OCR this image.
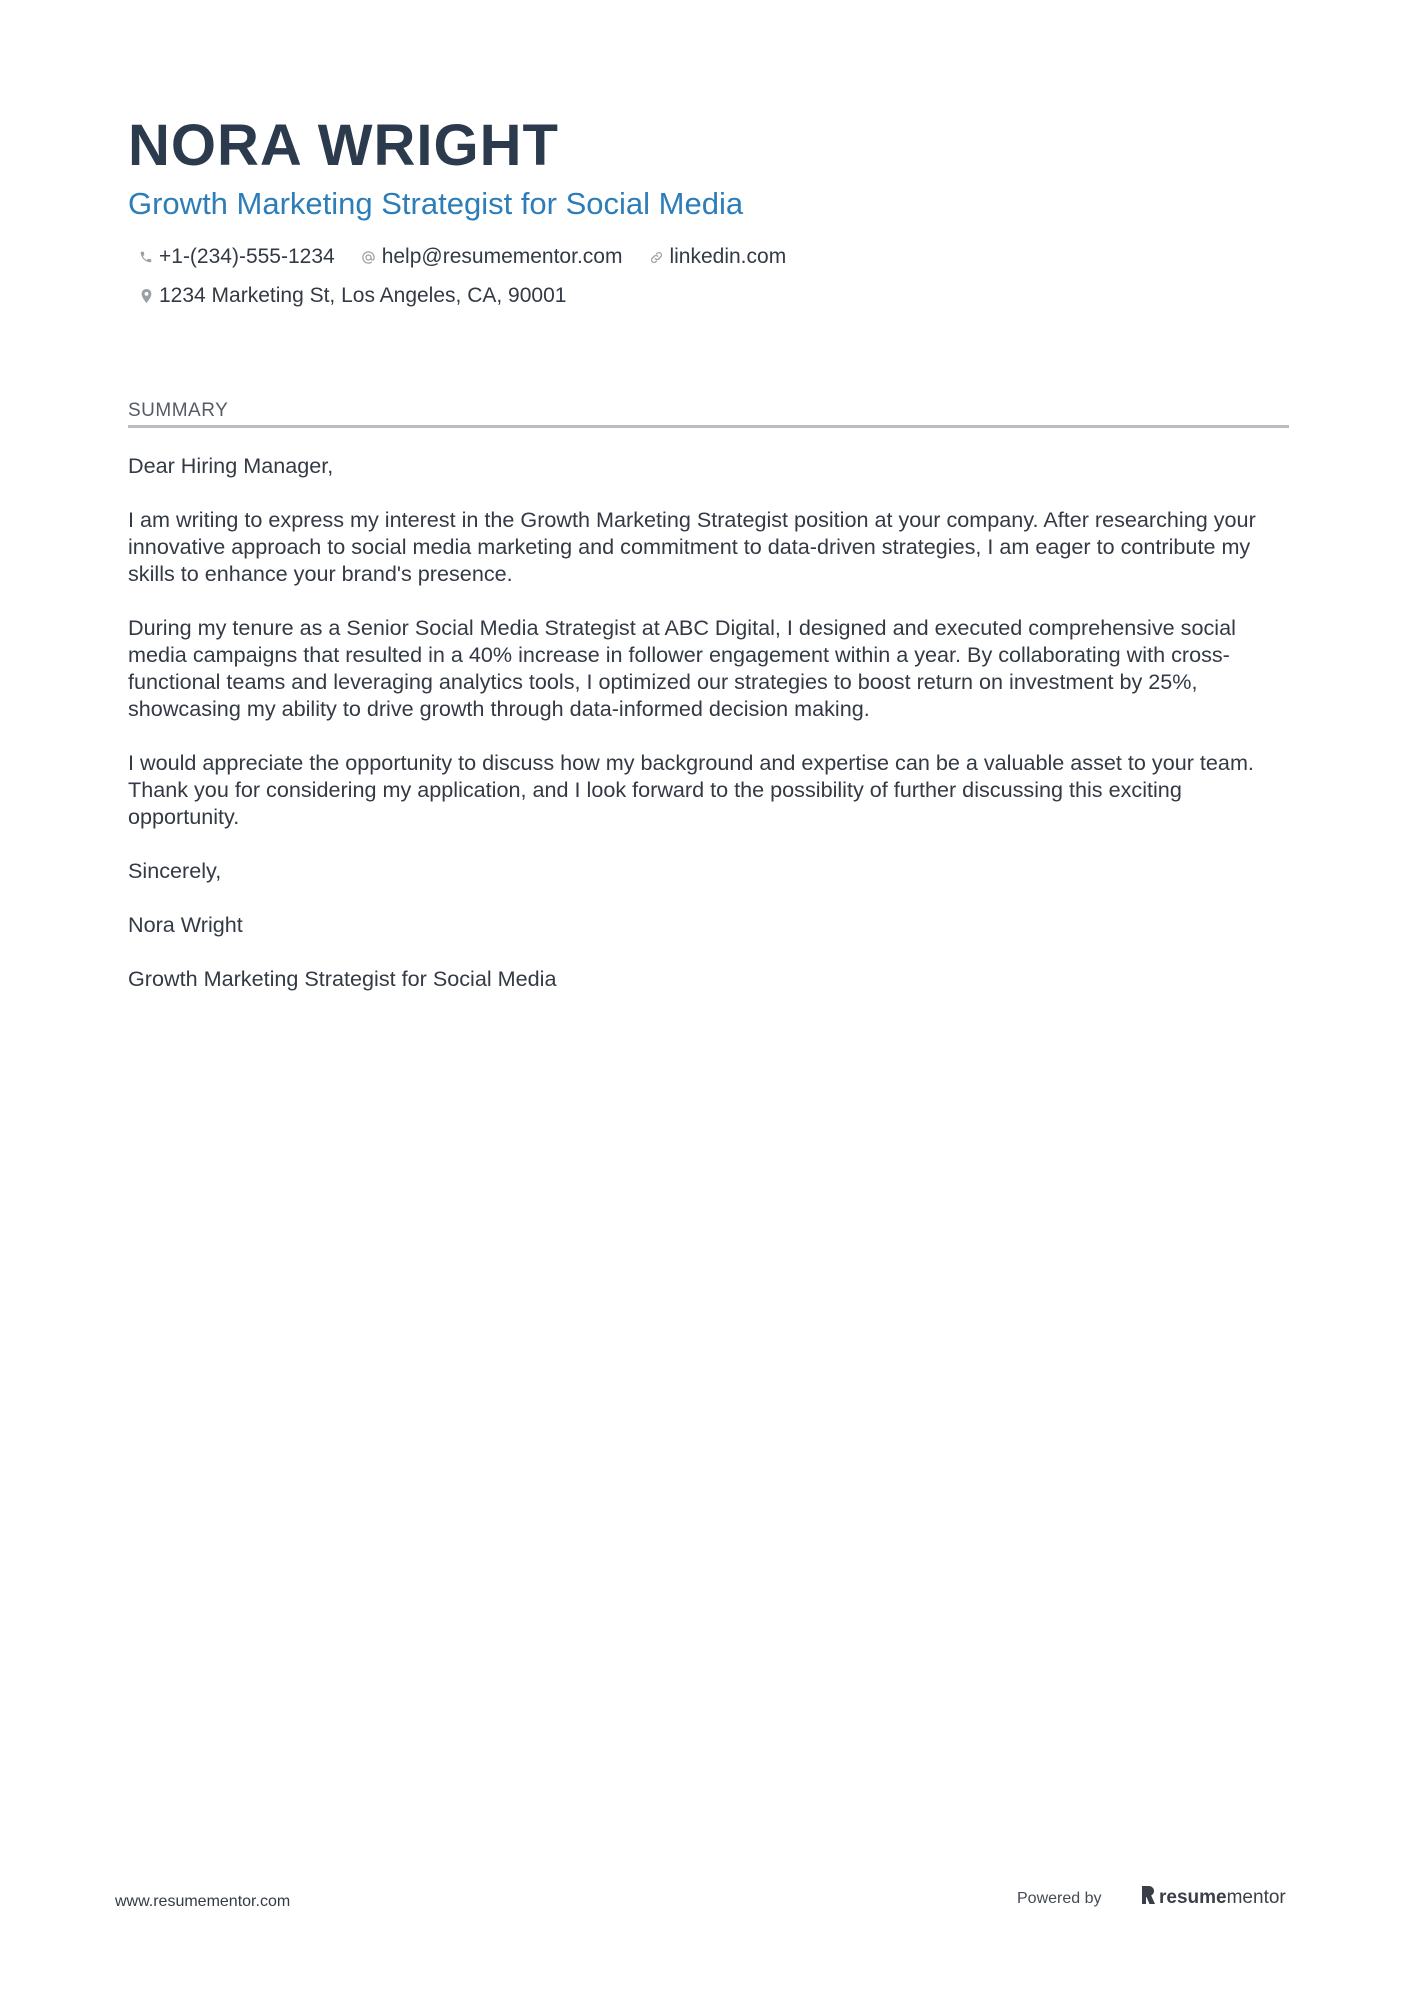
NORA WRIGHT
Growth Marketing Strategist for Social Media
+1-(234)-555-1234 help@resumementor.com linkedin.com
1234 Marketing St, Los Angeles, CA, 90001
SUMMARY

Dear Hiring Manager,

I am writing to express my interest in the Growth Marketing Strategist position at your company. After researching your innovative approach to social media marketing and commitment to data-driven strategies, I am eager to contribute my skills to enhance your brand's presence.

During my tenure as a Senior Social Media Strategist at ABC Digital, I designed and executed comprehensive social media campaigns that resulted in a 40% increase in follower engagement within a year. By collaborating with cross-functional teams and leveraging analytics tools, I optimized our strategies to boost return on investment by 25%, showcasing my ability to drive growth through data-informed decision making.

I would appreciate the opportunity to discuss how my background and expertise can be a valuable asset to your team. Thank you for considering my application, and I look forward to the possibility of further discussing this exciting opportunity.

Sincerely,

Nora Wright

Growth Marketing Strategist for Social Media

www.resumementor.com	Powered by	resume mentor
